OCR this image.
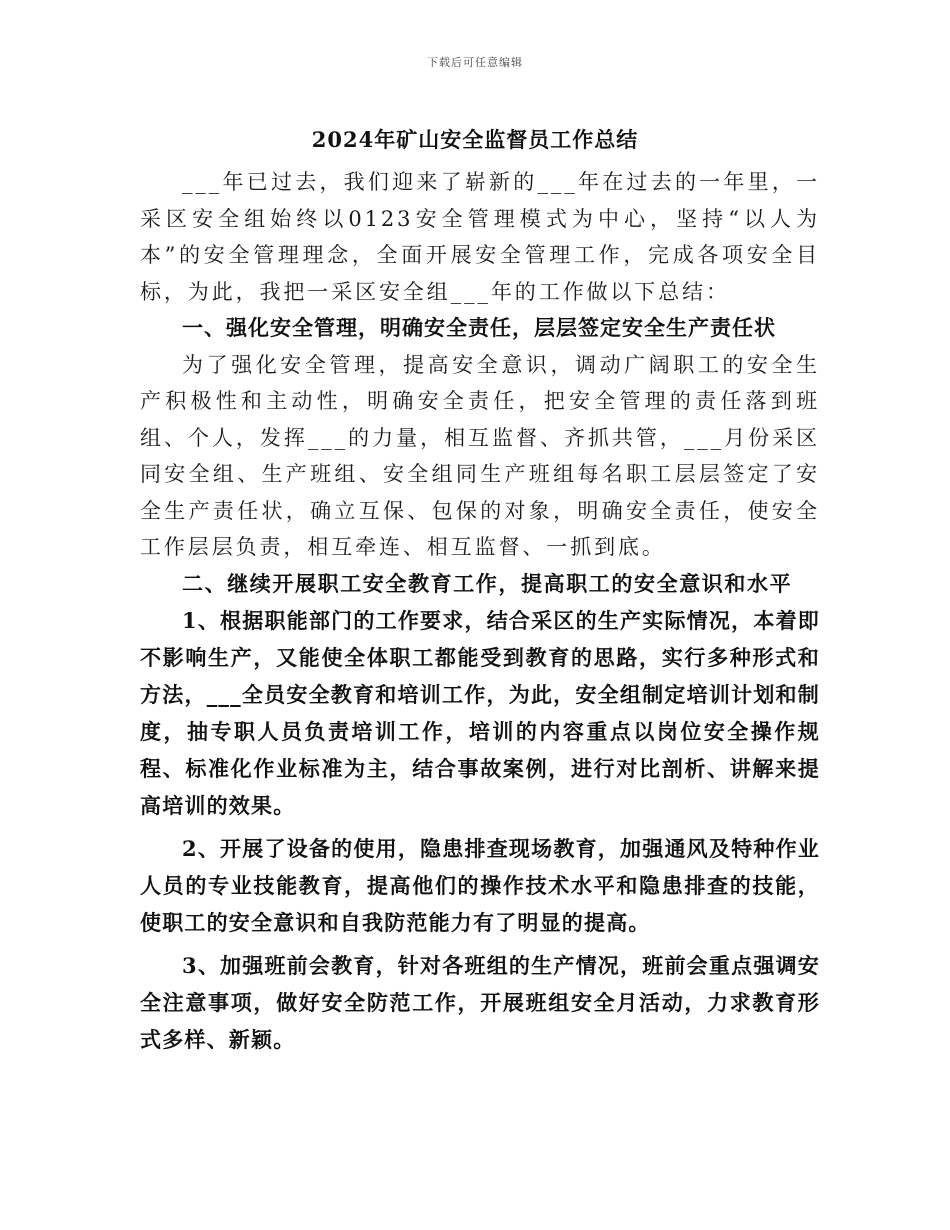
下载后可任意编辑
2024年矿山安全监督员工作总结

___年已过去，我们迎来了崭新的___年在过去的一年里，一采区安全组始终以0123安全管理模式为中心，坚持“以人为本”的安全管理理念，全面开展安全管理工作，完成各项安全目标，为此，我把一采区安全组___年的工作做以下总结：

一、强化安全管理，明确安全责任，层层签定安全生产责任状

为了强化安全管理，提高安全意识，调动广阔职工的安全生产积极性和主动性，明确安全责任，把安全管理的责任落到班组、个人，发挥___的力量，相互监督、齐抓共管，___月份采区同安全组、生产班组、安全组同生产班组每名职工层层签定了安全生产责任状，确立互保、包保的对象，明确安全责任，使安全工作层层负责，相互牵连、相互监督、一抓到底。

二、继续开展职工安全教育工作，提高职工的安全意识和水平

1、根据职能部门的工作要求，结合采区的生产实际情况，本着即不影响生产，又能使全体职工都能受到教育的思路，实行多种形式和方法，___全员安全教育和培训工作，为此，安全组制定培训计划和制度，抽专职人员负责培训工作，培训的内容重点以岗位安全操作规程、标准化作业标准为主，结合事故案例，进行对比剖析、讲解来提高培训的效果。

2、开展了设备的使用，隐患排查现场教育，加强通风及特种作业人员的专业技能教育，提高他们的操作技术水平和隐患排查的技能，使职工的安全意识和自我防范能力有了明显的提高。

3、加强班前会教育，针对各班组的生产情况，班前会重点强调安全注意事项，做好安全防范工作，开展班组安全月活动，力求教育形式多样、新颖。
